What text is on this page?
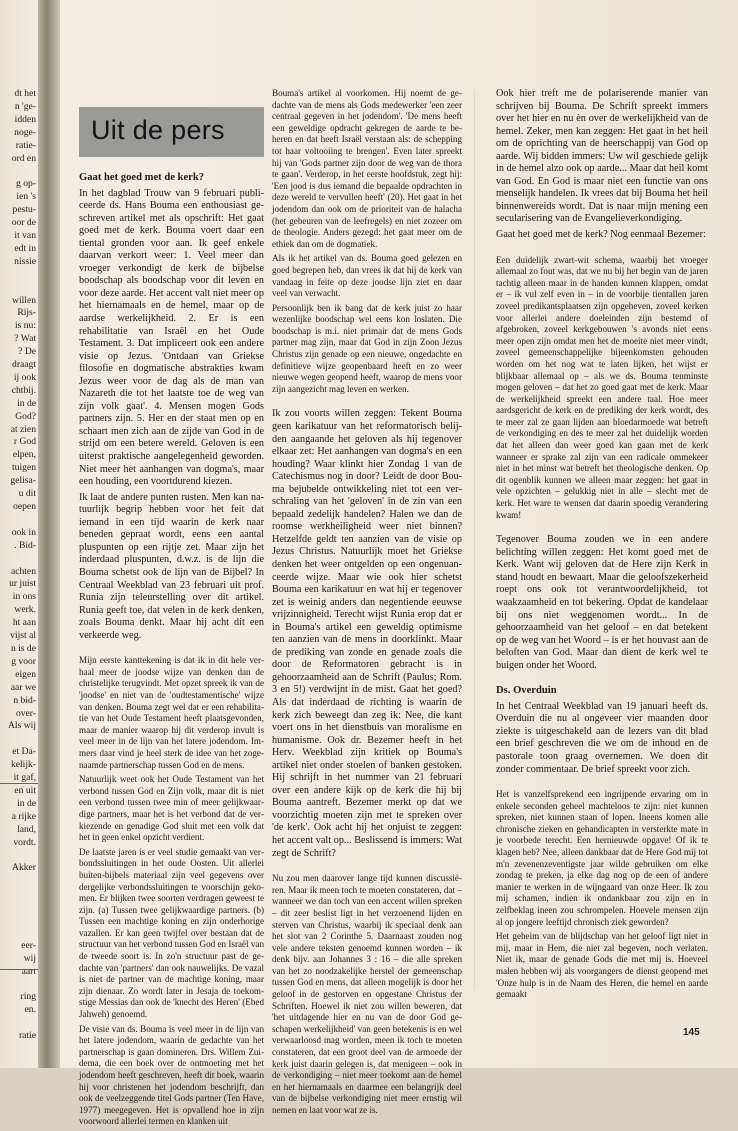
dt het
n 'ge-
idden
noge-
ratie-
ord en

g op-
ien 's
pestu-
oor de
it van
edt in
nissie

willen
Rijs-
is nu:
? Wat
? De
draagt
ij ook
chtbij.
in de
God?
at zien
r God
elpen,
tuigen
gelisa-
u dit
oepen

ook in
. Bid-

achten
ur juist
in ons
werk.
ht aan
vijst al
n is de
g voor
eigen
aar we
n bid-
over-
Als wij

et Da-
kelijk-
it gaf,
en uit
in de
a rijke
land,
vordt.

Akker

eer-
wij
aart

ring
en.

ratie
Uit de pers

Gaat het goed met de kerk?

In het dagblad Trouw van 9 februari publiceerde ds. Hans Bouma een enthousiast geschreven artikel met als opschrift: Het gaat goed met de kerk. Bouma voert daar een tiental gronden voor aan. Ik geef enkele daarvan verkort weer: 1. Veel meer dan vroeger verkondigt de kerk de bijbelse boodschap als boodschap voor dit leven en voor deze aarde. Het accent valt niet meer op het hiernamaals en de hemel, maar op de aardse werkelijkheid. 2. Er is een rehabilitatie van Israël en het Oude Testament. 3. Dat impliceert ook een andere visie op Jezus. 'Ontdaan van Griekse filosofie en dogmatische abstrakties kwam Jezus weer voor de dag als de man van Nazareth die tot het laatste toe de weg van zijn volk gaat'. 4. Mensen mogen Gods partners zijn. 5. Her en der staat men op en schaart men zich aan de zijde van God in de strijd om een betere wereld. Geloven is een uiterst praktische aangelegenheid geworden. Niet meer het aanhangen van dogma's, maar een houding, een voortdurend kiezen.

Ik laat de andere punten rusten. Men kan natuurlijk begrip hebben voor het feit dat iemand in een tijd waarin de kerk naar beneden gepraat wordt, eens een aantal pluspunten op een rijtje zet. Maar zijn het inderdaad pluspunten, d.w.z. is de lijn die Bouma schetst ook de lijn van de Bijbel? In Centraal Weekblad van 23 februari uit prof. Runia zijn teleurstelling over dit artikel. Runia geeft toe, dat velen in de kerk denken, zoals Bouma denkt. Maar hij acht dit een verkeerde weg.

Mijn eerste kanttekening is dat ik in dit hele verhaal meer de joodse wijze van denken dan de christelijke terugvindt. Met opzet spreek ik van de 'joodse' en niet van de 'oudtestamentische' wijze van denken. Bouma zegt wel dat er een rehabilitatie van het Oude Testament heeft plaatsgevonden, maar de manier waarop hij dit verderop invult is veel meer in de lijn van het latere jodendom. Immers daar vind je heel sterk de idee van het zogenaamde partnerschap tussen God en de mens.

Natuurlijk weet ook het Oude Testament van het verbond tussen God en Zijn volk, maar dit is niet een verbond tussen twee min of meer gelijkwaardige partners, maar het is het verbond dat de verkiezende en genadige God sluit met een volk dat het in geen enkel opzicht verdient.

De laatste jaren is er veel studie gemaakt van verbondssluitingen in het oude Oosten. Uit allerlei buiten-bijbels materiaal zijn veel gegevens over dergelijke verbondssluitingen te voorschijn gekomen. Er blijken twee soorten verdragen geweest te zijn. (a) Tussen twee gelijkwaardige partners. (b) Tussen een machtige koning en zijn onderhorige vazallen. Er kan geen twijfel over bestaan dat de structuur van het verbond tussen God en Israël van de tweede soort is. In zo'n structuur past de gedachte van 'partners' dan ook nauwelijks. De vazal is niet de partner van de machtige koning, maar zijn dienaar. Zo wordt later in Jesaja de toekomstige Messias dan ook de 'knecht des Heren' (Ebed Jahweh) genoemd.

De visie van ds. Bouma is veel meer in de lijn van het latere jodendom, waarin de gedachte van het partnerschap is gaan domineren. Drs. Willem Zuidema, die een boek over de ontmoeting met het jodendom heeft geschreven, heeft dit boek, waarin hij voor christenen het jodendom beschrijft, dan ook de veelzeggende titel Gods partner (Ten Have, 1977) meegegeven. Het is opvallend hoe in zijn voorwoord allerlei termen en klanken uit

Bouma's artikel al voorkomen. Hij noemt de gedachte van de mens als Gods medewerker 'een zeer centraal gegeven in het jodendom'. 'De mens heeft een geweldige opdracht gekregen de aarde te beheren en dat heeft Israël verstaan als: de schepping tot haar voltooiing te brengen'. Even later spreekt hij van 'Gods partner zijn door de weg van de thora te gaan'. Verderop, in het eerste hoofdstuk, zegt hij: 'Een jood is dus iemand die bepaalde opdrachten in deze wereld te vervullen heeft' (20). Het gaat in het jodendom dan ook om de prioriteit van de halacha (het gebeuren van de leefregels) en niet zozeer om de theologie. Anders gezegd: het gaat meer om de ethiek dan om de dogmatiek.

Als ik het artikel van ds. Bouma goed gelezen en goed begrepen heb, dan vrees ik dat hij de kerk van vandaag in feite op deze joodse lijn ziet en daar veel van verwacht.

Persoonlijk ben ik bang dat de kerk juist zo haar wezenlijke boodschap wel eens kon loslaten. Die boodschap is m.i. niet primair dat de mens Gods partner mag zijn, maar dat God in zijn Zoon Jezus Christus zijn genade op een nieuwe, ongedachte en definitieve wijze geopenbaard heeft en zo weer nieuwe wegen geopend heeft, waarop de mens voor zijn aangezicht mag leven en werken.

Ik zou voorts willen zeggen: Tekent Bouma geen karikatuur van het reformatorisch belijden aangaande het geloven als hij tegenover elkaar zet: Het aanhangen van dogma's en een houding? Waar klinkt hier Zondag 1 van de Catechismus nog in door? Leidt de door Bouma bejubelde ontwikkeling niet tot een verschraling van het 'geloven' in de zin van een bepaald zedelijk handelen? Halen we dan de roomse werkheiligheid weer niet binnen? Hetzelfde geldt ten aanzien van de visie op Jezus Christus. Natuurlijk moet het Griekse denken het weer ontgelden op een ongenuanceerde wijze. Maar wie ook hier schetst Bouma een karikatuur en wat hij er tegenover zet is weinig anders dan negentiende eeuwse vrijzinnigheid. Terecht wijst Runia erop dat er in Bouma's artikel een geweldig optimisme ten aanzien van de mens in doorklinkt. Maar de prediking van zonde en genade zoals die door de Reformatoren gebracht is in gehoorzaamheid aan de Schrift (Paulus; Rom. 3 en 5!) verdwijnt in de mist. Gaat het goed? Als dat inderdaad de richting is waarin de kerk zich beweegt dan zeg ik: Nee, die kant voert ons in het dienstbuis van moralisme en humanisme. Ook dr. Bezemer heeft in het Herv. Weekblad zijn kritiek op Bouma's artikel niet onder stoelen of banken gestoken. Hij schrijft in het nummer van 21 februari over een andere kijk op de kerk die hij bij Bouma aantreft. Bezemer merkt op dat we voorzichtig moeten zijn met te spreken over 'de kerk'. Ook acht hij het onjuist te zeggen: het accent valt op... Beslissend is immers: Wat zegt de Schrift?

Nu zou men daarover lange tijd kunnen discussiëren. Maar ik meen toch te moeten constateren, dat – wanneer we dan toch van een accent willen spreken – dit zeer beslist ligt in het verzoenend lijden en sterven van Christus, waarbij ik speciaal denk aan het slot van 2 Corinthe 5. Daarnaast zouden nog vele andere teksten genoemd kunnen worden – ik denk bijv. aan Johannes 3 : 16 – die alle spreken van het zo noodzakelijke herstel der gemeenschap tussen God en mens, dat alleen mogelijk is door het geloof in de gestorven en opgestane Christus der Schriften. Hoewel ik niet zou willen beweren, dat 'het uitdagende hier en nu van de door God geschapen werkelijkheid' van geen betekenis is en wel verwaarloosd mag worden, meen ik toch te moeten constateren, dat een groot deel van de armoede der kerk juist daarin gelegen is, dat menigeen – ook in de verkondiging – niet meer toekomt aan de hemel en het hiernamaals en daarmee een belangrijk deel van de bijbelse verkondiging niet meer ernstig wil nemen en laat voor wat ze is.

Ook hier treft me de polariserende manier van schrijven bij Bouma. De Schrift spreekt immers over het hier en nu èn over de werkelijkheid van de hemel. Zeker, men kan zeggen: Het gaat in het heil om de oprichting van de heerschappij van God op aarde. Wij bidden immers: Uw wil geschiede gelijk in de hemel alzo ook op aarde... Maar dat heil komt van God. En God is maar niet een functie van ons menselijk handelen. Ik vrees dat bij Bouma het heil binnenwereids wordt. Dat is naar mijn mening een secularisering van de Evangelieverkondiging.

Gaat het goed met de kerk? Nog eenmaal Bezemer:

Een duidelijk zwart-wit schema, waarbij het vroeger allemaal zo fout was, dat we nu bij het begin van de jaren tachtig alleen maar in de handen kunnen klappen, omdat er – ik vul zelf even in – in de voorbije tientallen jaren zoveel predikantsplaatsen zijn opgeheven, zoveel kerken voor allerlei andere doeleinden zijn bestemd of afgebroken, zoveel kerkgebouwen 's avonds niet eens meer open zijn omdat men het de moeite niet meer vindt, zoveel gemeenschappelijke bijeenkomsten gehouden worden om het nog wat te laten lijken, het wijst er blijkbaar allemaal op – als we ds. Bouma tenminste mogen geloven – dat het zo goed gaat met de kerk. Maar de werkelijkheid spreekt een andere taal. Hoe meer aardsgericht de kerk en de prediking der kerk wordt, des te meer zal ze gaan lijden aan bloedarmoede wat betreft de verkondiging en des te meer zal het duidelijk worden dat het alleen dan weer goed kan gaan met de kerk wanneer er sprake zal zijn van een radicale ommekeer niet in het minst wat betreft het theologische denken. Op dit ogenblik kunnen we alleen maar zeggen: het gaat in vele opzichten – gelukkig niet in alle – slecht met de kerk. Het ware te wensen dat daarin spoedig verandering kwam!

Tegenover Bouma zouden we in een andere belichting willen zeggen: Het komt goed met de Kerk. Want wij geloven dat de Here zijn Kerk in stand houdt en bewaart. Maar die geloofszekerheid roept ons ook tot verantwoordelijkheid, tot waakzaamheid en tot bekering. Opdat de kandelaar bij ons niet weggenomen wordt... In de gehoorzaamheid van het geloof – en dat betekent op de weg van het Woord – is er het houvast aan de beloften van God. Maar dan dient de kerk wel te buigen onder het Woord.

Ds. Overduin

In het Centraal Weekblad van 19 januari heeft ds. Overduin die nu al ongeveer vier maanden door ziekte is uitgeschakeld aan de lezers van dit blad een brief geschreven die we om de inhoud en de pastorale toon graag overnemen. We doen dit zonder commentaar. De brief spreekt voor zich.

Het is vanzelfsprekend een ingrijpende ervaring om in enkele seconden geheel machteloos te zijn: niet kunnen spreken, niet kunnen staan of lopen. Ineens komen alle chronische zieken en gehandicapten in versterkte mate in je voorbede terecht. Een hernieuwde opgave! Of ik te klagen heb? Nee, alleen dankbaar dat de Here God mij tot m'n zevenenzeventigste jaar wilde gebruiken om elke zondag te preken, ja elke dag nog op de een of andere manier te werken in de wijngaard van onze Heer. Ik zou mij schamen, indien ik ondankbaar zou zijn en in zelfbeklag ineen zou schrompelen. Hoevele mensen zijn al op jongere leeftijd chronisch ziek geworden?

Het geheim van de blijdschap van het geloof ligt niet in mij, maar in Hem, die niet zal begeven, noch verlaten. Niet ik, maar de genade Gods die met mij is. Hoeveel malen hebben wij als voorgangers de dienst geopend met 'Onze hulp is in de Naam des Heren, die hemel en aarde gemaakt

145
